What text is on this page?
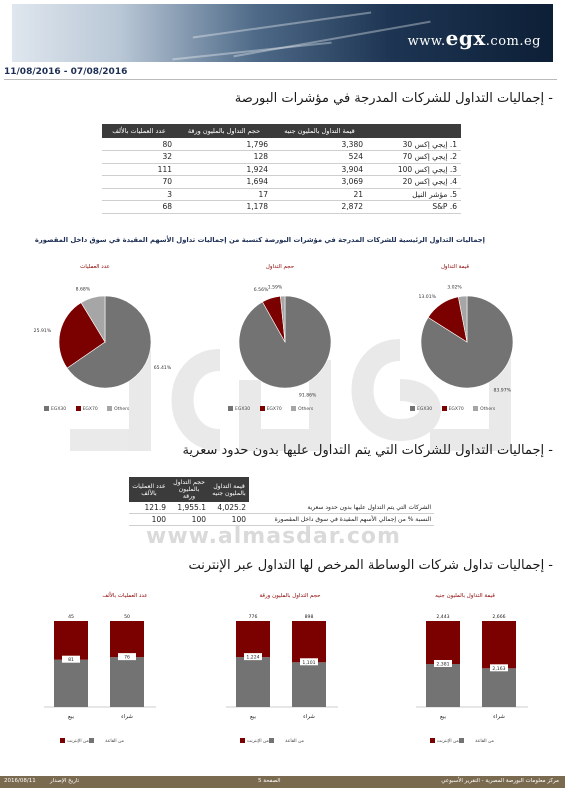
www.egx.com.eg
11/08/2016 - 07/08/2016
- إجماليات التداول للشركات المدرجة في مؤشرات البورصة
عدد العمليات بالألف	حجم التداول بالمليون ورقة	قيمة التداول بالمليون جنيه	
80	1,796	3,380	1. إيجي إكس 30
32	128	524	2. إيجي إكس 70
111	1,924	3,904	3. إيجي إكس 100
70	1,694	3,069	4. إيجي إكس 20
3	17	21	5. مؤشر النيل
68	1,178	2,872	S&P .6
إجماليات التداول الرئيسية للشركات المدرجة في مؤشرات البورصة كنسبة من إجماليات تداول الأسهم المقيدة في سوق داخل المقصورة
عدد العمليات	حجم التداول	قيمة التداول
65.41%
25.91%
8.68%
91.86%
6.56% 1.59%
83.97%
13.01%
3.02%
EGX30	EGX70	Others	EGX30	EGX70	Others	EGX30	EGX70	Others
- إجماليات التداول للشركات التي يتم التداول عليها بدون حدود سعرية
عدد العمليات بالألف	حجم التداول بالمليون ورقة	قيمة التداول بالمليون جنيه	
121.9	1,955.1	4,025.2	الشركات التي يتم التداول عليها بدون حدود سعرية
100	100	100	النسبة % من إجمالي الأسهم المقيدة في سوق داخل المقصورة
www.almasdar.com
- إجماليات تداول شركات الوساطة المرخص لها التداول عبر الإنترنت
عدد العمليات بالألف	حجم التداول بالمليون ورقة	قيمة التداول بالمليون جنيه
81
45
بيع
76
50
شراء
1,224
776
بيع
1,101
898
شراء
2,381
2,443
بيع
2,163
2,666
شراء
من القاعة من الإنترنت	من القاعة من الإنترنت	من القاعة من الإنترنت
2016/08/11	تاريخ الإصدار	الصفحة 5	مركز معلومات البورصة المصرية - التقرير الأسبوعي
